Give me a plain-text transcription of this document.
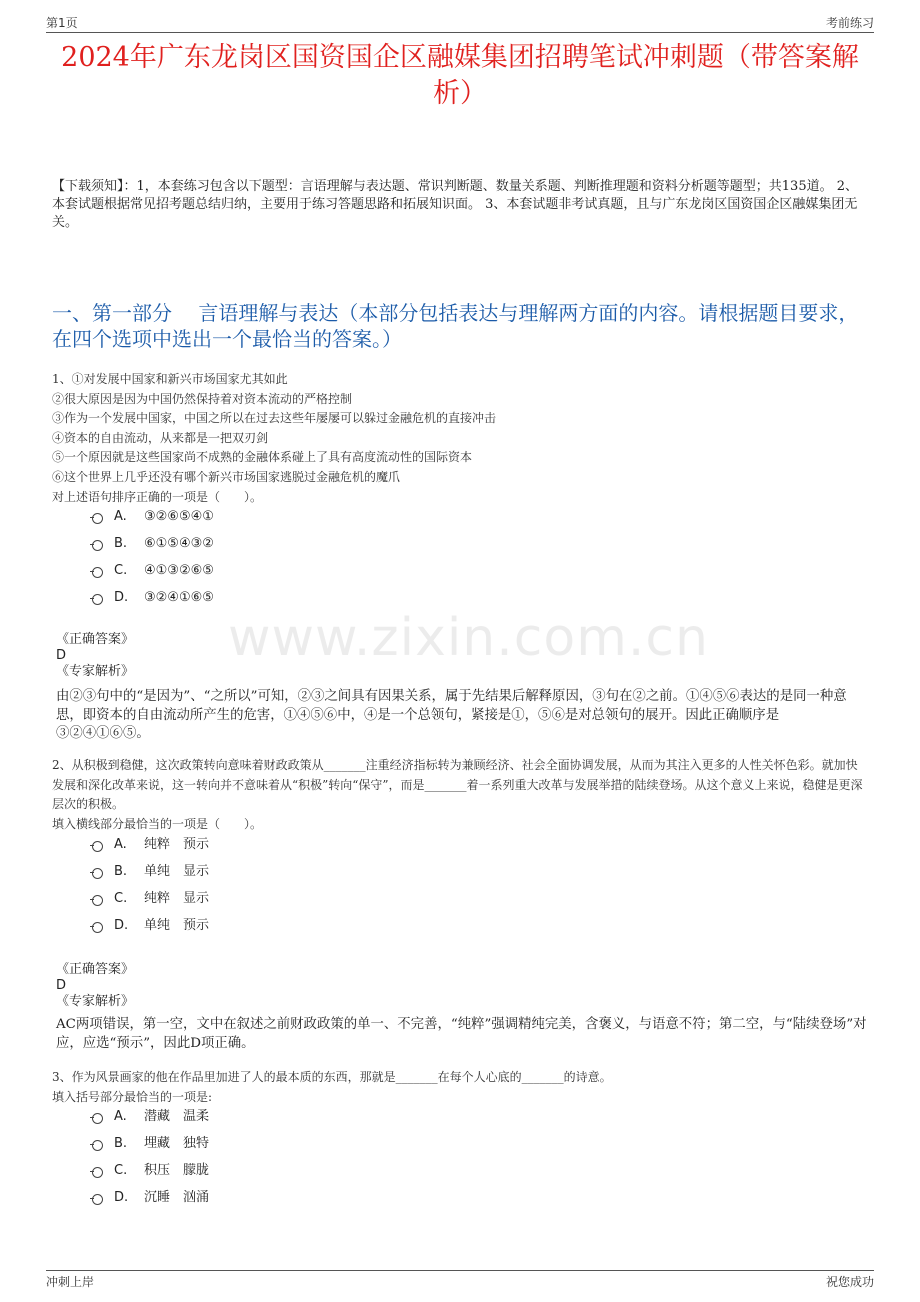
第1页	考前练习
2024年广东龙岗区国资国企区融媒集团招聘笔试冲刺题（带答案解析）
【下载须知】：1，本套练习包含以下题型：言语理解与表达题、常识判断题、数量关系题、判断推理题和资料分析题等题型；共135道。 2、本套试题根据常见招考题总结归纳，主要用于练习答题思路和拓展知识面。 3、本套试题非考试真题，且与广东龙岗区国资国企区融媒集团无关。
一、第一部分　 言语理解与表达（本部分包括表达与理解两方面的内容。请根据题目要求，在四个选项中选出一个最恰当的答案。）
www.zixin.com.cn
1、①对发展中国家和新兴市场国家尤其如此
②很大原因是因为中国仍然保持着对资本流动的严格控制
③作为一个发展中国家，中国之所以在过去这些年屡屡可以躲过金融危机的直接冲击
④资本的自由流动，从来都是一把双刃剑
⑤一个原因就是这些国家尚不成熟的金融体系碰上了具有高度流动性的国际资本
⑥这个世界上几乎还没有哪个新兴市场国家逃脱过金融危机的魔爪
对上述语句排序正确的一项是（　　）。
A. ③②⑥⑤④①
B. ⑥①⑤④③②
C. ④①③②⑥⑤
D. ③②④①⑥⑤
《正确答案》
D
《专家解析》
由②③句中的“是因为”、“之所以”可知，②③之间具有因果关系，属于先结果后解释原因，③句在②之前。①④⑤⑥表达的是同一种意思，即资本的自由流动所产生的危害，①④⑤⑥中，④是一个总领句，紧接是①，⑤⑥是对总领句的展开。因此正确顺序是③②④①⑥⑤。
2、从积极到稳健，这次政策转向意味着财政政策从_______注重经济指标转为兼顾经济、社会全面协调发展，从而为其注入更多的人性关怀色彩。就加快发展和深化改革来说，这一转向并不意味着从“积极”转向“保守”，而是_______着一系列重大改革与发展举措的陆续登场。从这个意义上来说，稳健是更深层次的积极。
填入横线部分最恰当的一项是（　　）。
A. 纯粹　预示
B. 单纯　显示
C. 纯粹　显示
D. 单纯　预示
《正确答案》
D
《专家解析》
AC两项错误，第一空，文中在叙述之前财政政策的单一、不完善，“纯粹”强调精纯完美，含褒义，与语意不符；第二空，与“陆续登场”对应，应选“预示”，因此D项正确。
3、作为风景画家的他在作品里加进了人的最本质的东西，那就是_______在每个人心底的_______的诗意。
填入括号部分最恰当的一项是:
A. 潜藏　温柔
B. 埋藏　独特
C. 积压　朦胧
D. 沉睡　汹涌
冲刺上岸	祝您成功
